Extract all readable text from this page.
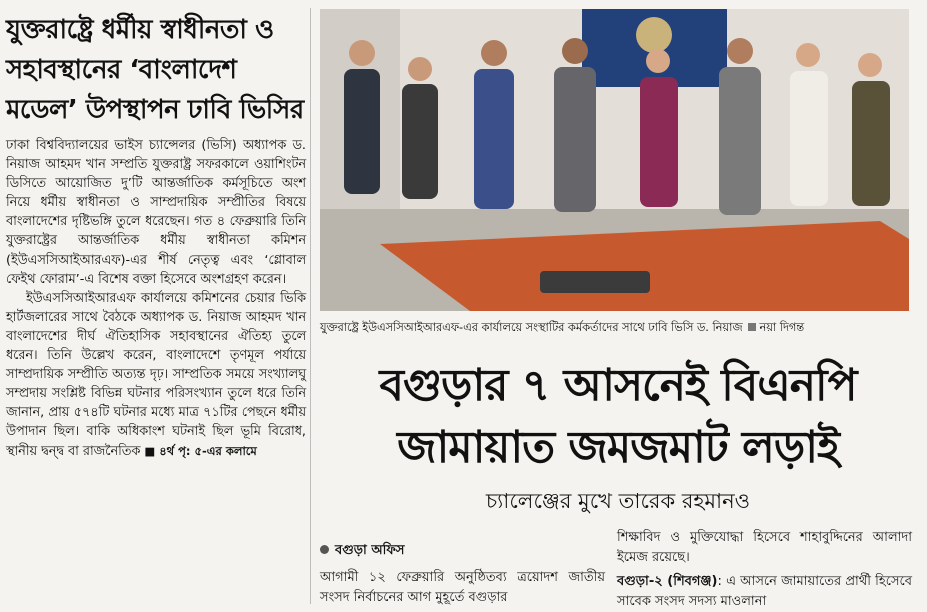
যুক্তরাষ্ট্রে ধর্মীয় স্বাধীনতা ও
সহাবস্থানের ‘বাংলাদেশ
মডেল’ উপস্থাপন ঢাবি ভিসির

ঢাকা বিশ্ববিদ্যালয়ের ভাইস চ্যান্সেলর (ভিসি) অধ্যাপক ড. নিয়াজ আহমদ খান সম্প্রতি যুক্তরাষ্ট্র সফরকালে ওয়াশিংটন ডিসিতে আয়োজিত দু’টি আন্তর্জাতিক কর্মসূচিতে অংশ নিয়ে ধর্মীয় স্বাধীনতা ও সাম্প্রদায়িক সম্প্রীতির বিষয়ে বাংলাদেশের দৃষ্টিভঙ্গি তুলে ধরেছেন। গত ৪ ফেব্রুয়ারি তিনি যুক্তরাষ্ট্রের আন্তর্জাতিক ধর্মীয় স্বাধীনতা কমিশন (ইউএসসিআইআরএফ)-এর শীর্ষ নেতৃত্ব এবং ‘গ্লোবাল ফেইথ ফোরাম’-এ বিশেষ বক্তা হিসেবে অংশগ্রহণ করেন।

ইউএসসিআইআরএফ কার্যালয়ে কমিশনের চেয়ার ভিকি হার্টজলারের সাথে বৈঠকে অধ্যাপক ড. নিয়াজ আহমদ খান বাংলাদেশের দীর্ঘ ঐতিহাসিক সহাবস্থানের ঐতিহ্য তুলে ধরেন। তিনি উল্লেখ করেন, বাংলাদেশে তৃণমূল পর্যায়ে সাম্প্রদায়িক সম্প্রীতি অত্যন্ত দৃঢ়। সাম্প্রতিক সময়ে সংখ্যালঘু সম্প্রদায় সংশ্লিষ্ট বিভিন্ন ঘটনার পরিসংখ্যান তুলে ধরে তিনি জানান, প্রায় ৫৭৪টি ঘটনার মধ্যে মাত্র ৭১টির পেছনে ধর্মীয় উপাদান ছিল। বাকি অধিকাংশ ঘটনাই ছিল ভূমি বিরোধ, স্থানীয় দ্বন্দ্ব বা রাজনৈতিক ■ ৪র্থ পৃ: ৫-এর কলামে

যুক্তরাষ্ট্রে ইউএসসিআইআরএফ-এর কার্যালয়ে সংস্থাটির কর্মকর্তাদের সাথে ঢাবি ভিসি ড. নিয়াজ নয়া দিগন্ত
বগুড়ার ৭ আসনেই বিএনপি
জামায়াত জমজমাট লড়াই
চ্যালেঞ্জের মুখে তারেক রহমানও
বগুড়া অফিস
আগামী ১২ ফেব্রুয়ারি অনুষ্ঠিতব্য ত্রয়োদশ জাতীয় সংসদ নির্বাচনের আগ মুহূর্তে বগুড়ার

শিক্ষাবিদ ও মুক্তিযোদ্ধা হিসেবে শাহাবুদ্দিনের আলাদা ইমেজ রয়েছে।

বগুড়া-২ (শিবগঞ্জ): এ আসনে জামায়াতের প্রার্থী হিসেবে সাবেক সংসদ সদস্য মাওলানা
